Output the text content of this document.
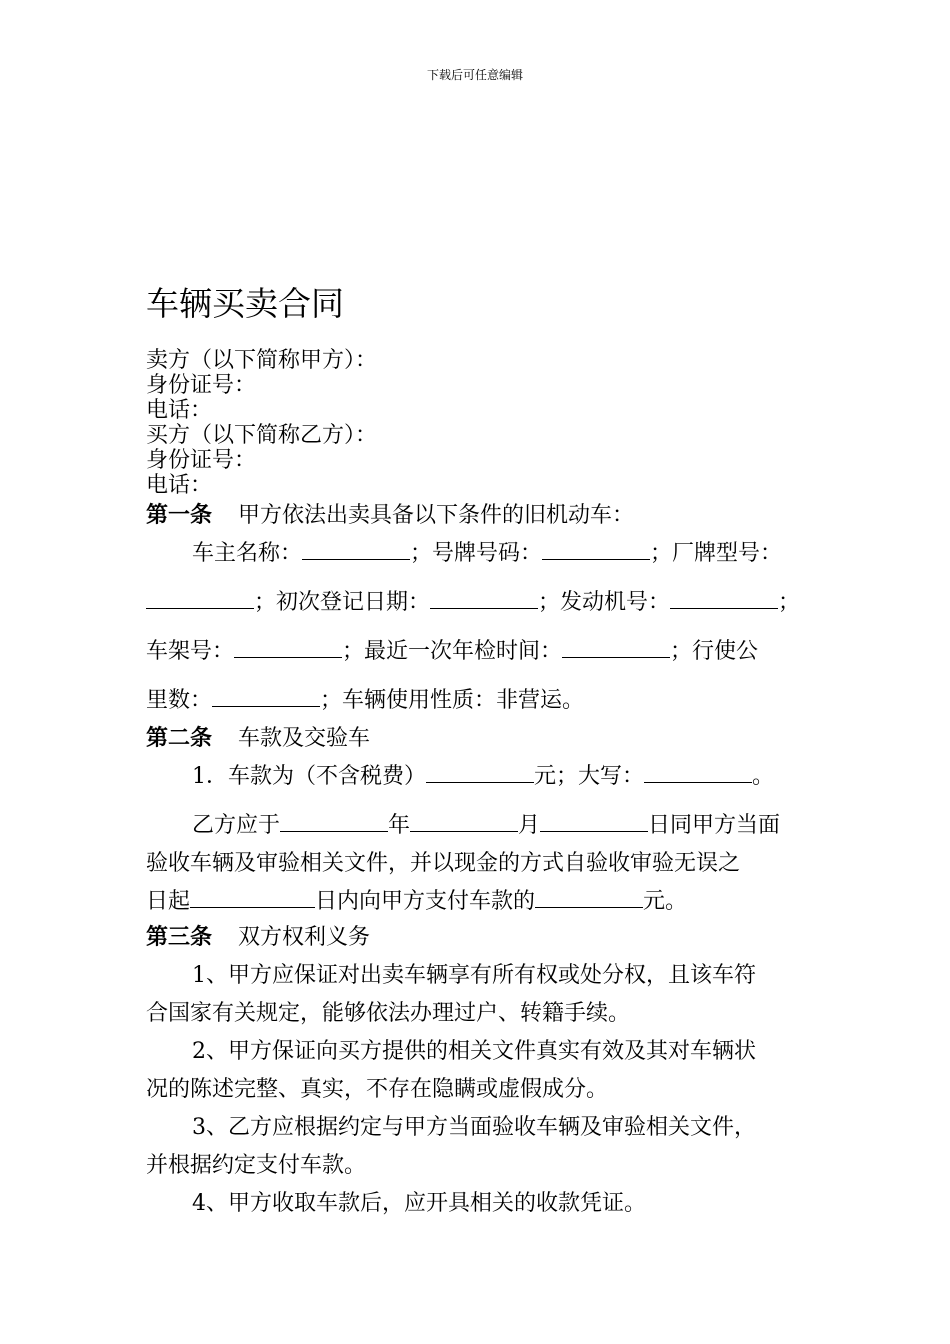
下载后可任意编辑
车辆买卖合同
卖方（以下简称甲方）：
身份证号：
电话：
买方（以下简称乙方）：
身份证号：
电话：
第一条 甲方依法出卖具备以下条件的旧机动车：
车主名称：	；号牌号码：	；厂牌型号：
；初次登记日期：	；发动机号：	；
车架号：	；最近一次年检时间：	；行使公
里数：	；车辆使用性质：非营运。
第二条 车款及交验车
1．车款为（不含税费）	元；大写：	。
乙方应于	年	月	日同甲方当面
验收车辆及审验相关文件，并以现金的方式自验收审验无误之
日起	日内向甲方支付车款的	元。
第三条 双方权利义务
1、甲方应保证对出卖车辆享有所有权或处分权，且该车符
合国家有关规定，能够依法办理过户、转籍手续。
2、甲方保证向买方提供的相关文件真实有效及其对车辆状
况的陈述完整、真实，不存在隐瞒或虚假成分。
3、乙方应根据约定与甲方当面验收车辆及审验相关文件，
并根据约定支付车款。
4、甲方收取车款后，应开具相关的收款凭证。
